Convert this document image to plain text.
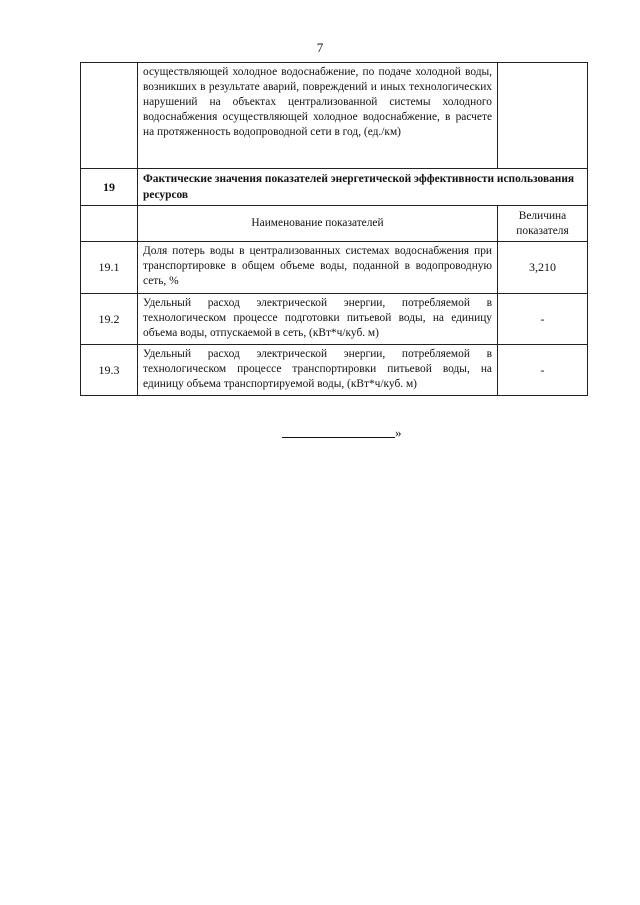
7
	осуществляющей холодное водоснабжение, по подаче холодной воды, возникших в результате аварий, повреждений и иных технологических нарушений на объектах централизованной системы холодного водоснабжения осуществляющей холодное водоснабжение, в расчете на протяженность водопроводной сети в год, (ед./км)	
19	Фактические значения показателей энергетической эффективности использования ресурсов	
	Наименование показателей	Величина показателя
19.1	Доля потерь воды в централизованных системах водоснабжения при транспортировке в общем объеме воды, поданной в водопроводную сеть, %	3,210
19.2	Удельный расход электрической энергии, потребляемой в технологическом процессе подготовки питьевой воды, на единицу объема воды, отпускаемой в сеть, (кВт*ч/куб. м)	-
19.3	Удельный расход электрической энергии, потребляемой в технологическом процессе транспортировки питьевой воды, на единицу объема транспортируемой воды, (кВт*ч/куб. м)	-
»
